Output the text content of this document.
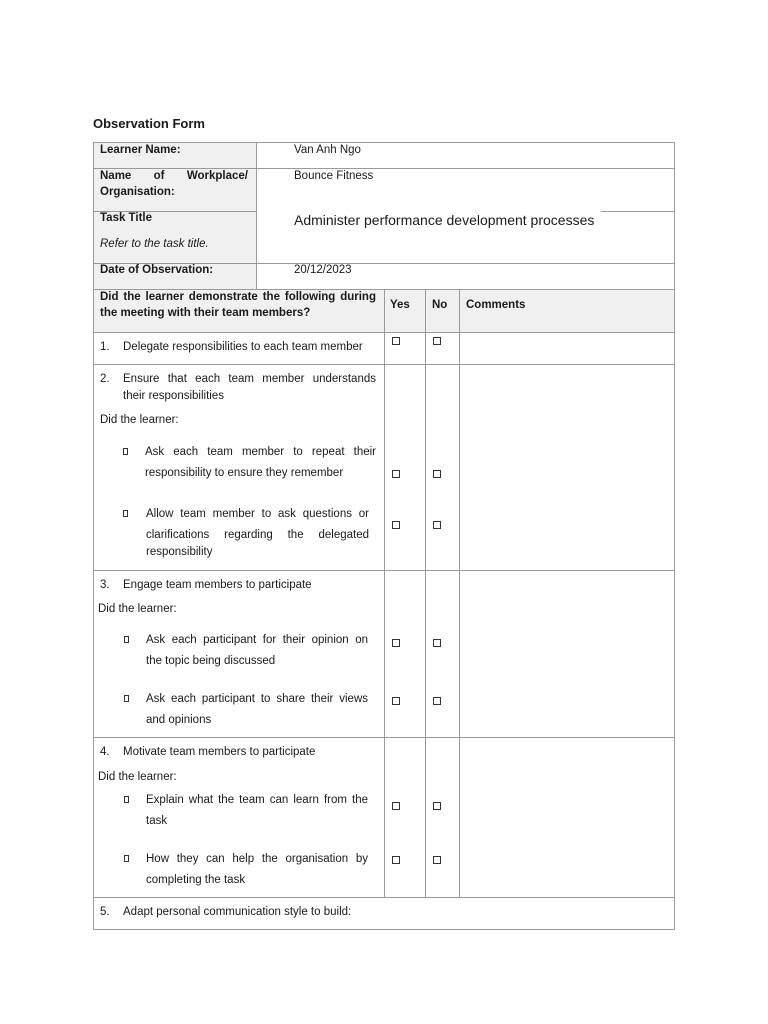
Observation Form
Learner Name:	Van Anh Ngo
Name of Workplace/
Organisation:
Bounce Fitness
Task Title
Refer to the task title.
Administer performance development processes
Date of Observation:	20/12/2023
Did the learner demonstrate the following during
the meeting with their team members?
Yes No Comments
1. Delegate responsibilities to each team member
2. Ensure that each team member understands
their responsibilities
Did the learner:
Ask each team member to repeat their
responsibility to ensure they remember
Allow team member to ask questions or
clarifications regarding the delegated
responsibility
3. Engage team members to participate
Did the learner:
Ask each participant for their opinion on
the topic being discussed
Ask each participant to share their views
and opinions
4. Motivate team members to participate
Did the learner:
Explain what the team can learn from the
task
How they can help the organisation by
completing the task
5. Adapt personal communication style to build:
